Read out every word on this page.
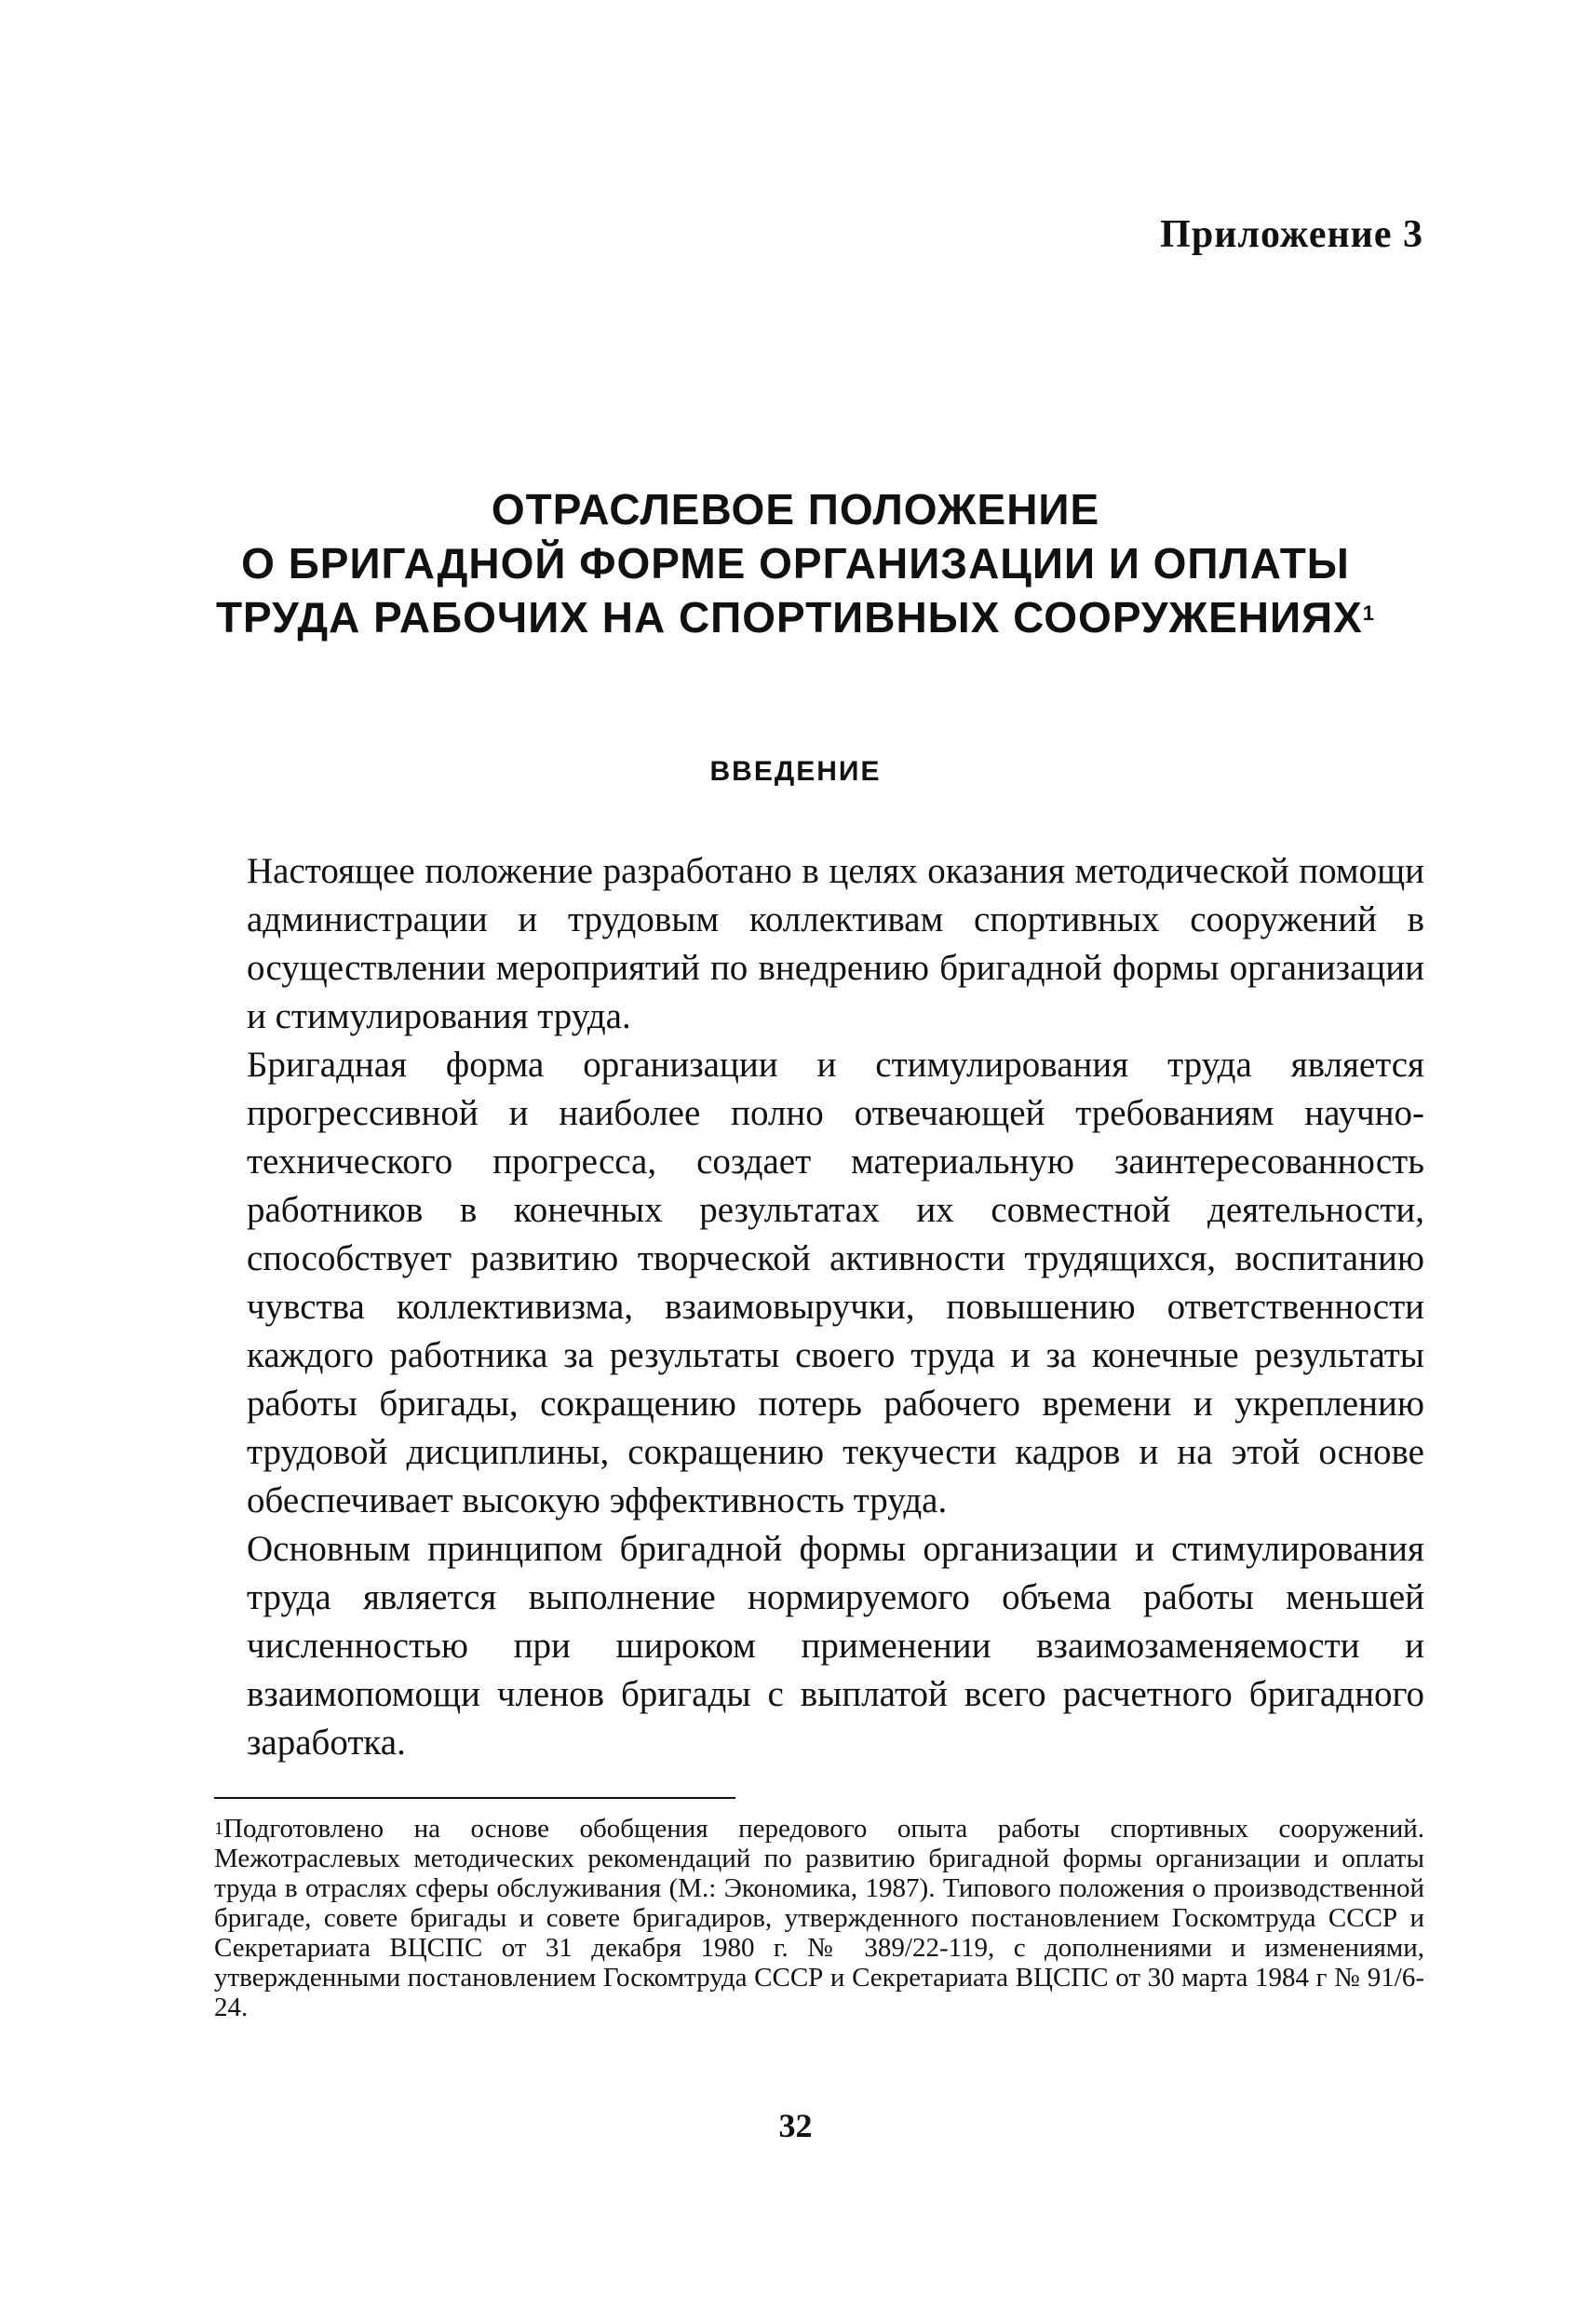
Приложение 3
ОТРАСЛЕВОЕ ПОЛОЖЕНИЕ
О БРИГАДНОЙ ФОРМЕ ОРГАНИЗАЦИИ И ОПЛАТЫ
ТРУДА РАБОЧИХ НА СПОРТИВНЫХ СООРУЖЕНИЯХ$^1$
ВВЕДЕНИЕ

Настоящее положение разработано в целях оказания методической помощи администрации и трудовым коллективам спортивных сооружений в осуществлении мероприятий по внедрению бригадной формы организации и стимулирования труда.

Бригадная форма организации и стимулирования труда является прогрессивной и наиболее полно отвечающей требованиям научно-технического прогресса, создает материальную заинтересованность работников в конечных результатах их совместной деятельности, способствует развитию творческой активности трудящихся, воспитанию чувства коллективизма, взаимовыручки, повышению ответственности каждого работника за результаты своего труда и за конечные результаты работы бригады, сокращению потерь рабочего времени и укреплению трудовой дисциплины, сокращению текучести кадров и на этой основе обеспечивает высокую эффективность труда.

Основным принципом бригадной формы организации и стимулирования труда является выполнение нормируемого объема работы меньшей численностью при широком применении взаимозаменяемости и взаимопомощи членов бригады с выплатой всего расчетного бригадного заработка.

$^1$Подготовлено на основе обобщения передового опыта работы спортивных сооружений. Межотраслевых методических рекомендаций по развитию бригадной формы организации и оплаты труда в отраслях сферы обслуживания (М.: Экономика, 1987). Типового положения о производственной бригаде, совете бригады и совете бригадиров, утвержденного постановлением Госкомтруда СССР и Секретариата ВЦСПС от 31 декабря 1980 г. № 389/22-119, с дополнениями и изменениями, утвержденными постановлением Госкомтруда СССР и Секретариата ВЦСПС от 30 марта 1984 г № 91/6-24.
32
